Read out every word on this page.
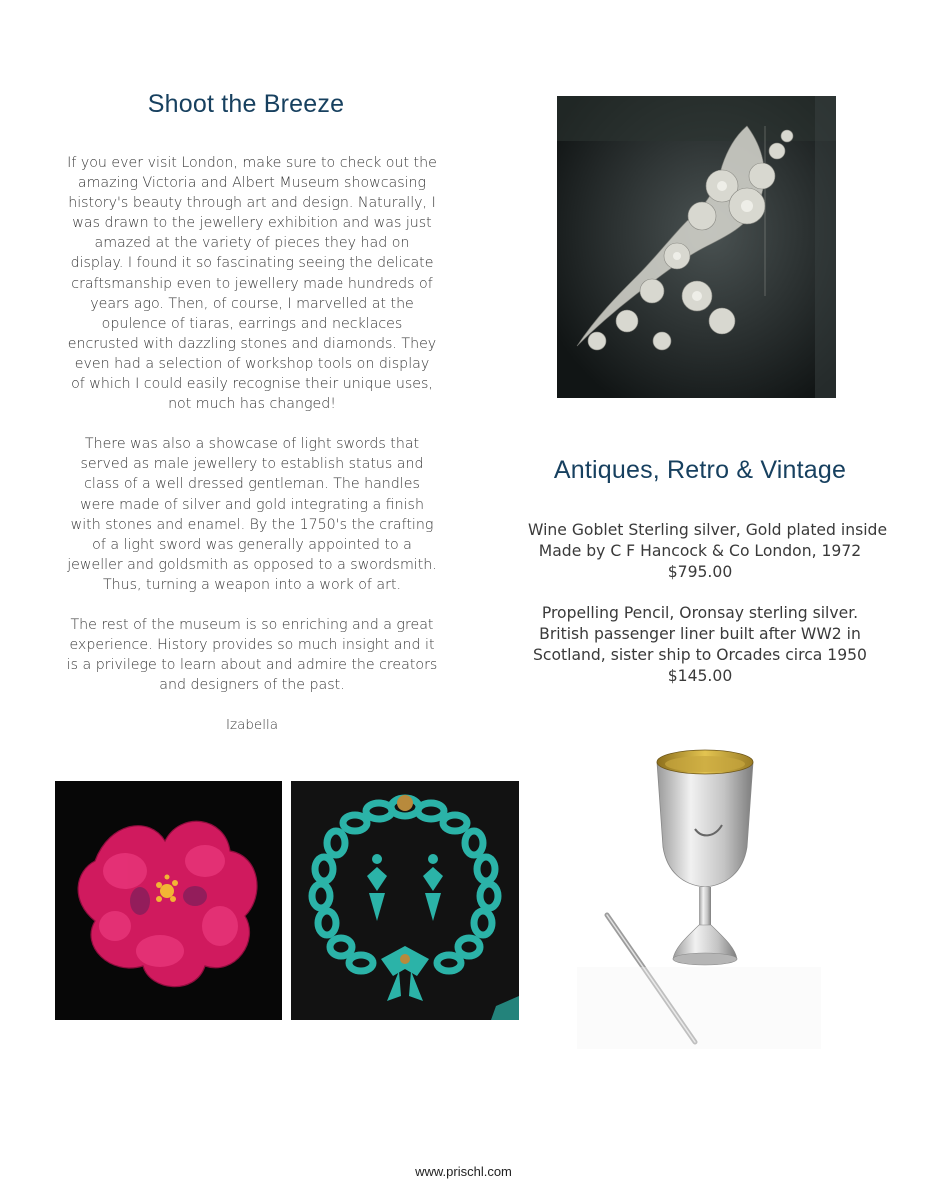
Shoot the Breeze

If you ever visit London, make sure to check out the amazing Victoria and Albert Museum showcasing history's beauty through art and design. Naturally, I was drawn to the jewellery exhibition and was just amazed at the variety of pieces they had on display. I found it so fascinating seeing the delicate craftsmanship even to jewellery made hundreds of years ago. Then, of course, I marvelled at the opulence of tiaras, earrings and necklaces encrusted with dazzling stones and diamonds. They even had a selection of workshop tools on display of which I could easily recognise their unique uses, not much has changed!

There was also a showcase of light swords that served as male jewellery to establish status and class of a well dressed gentleman. The handles were made of silver and gold integrating a finish with stones and enamel. By the 1750's the crafting of a light sword was generally appointed to a jeweller and goldsmith as opposed to a swordsmith. Thus, turning a weapon into a work of art.

The rest of the museum is so enriching and a great experience. History provides so much insight and it is a privilege to learn about and admire the creators and designers of the past.

Izabella
Antiques, Retro & Vintage
Wine Goblet Sterling silver, Gold plated inside
Made by C F Hancock & Co London, 1972
$795.00
Propelling Pencil, Oronsay sterling silver.
British passenger liner built after WW2 in
Scotland, sister ship to Orcades circa 1950
$145.00
www.prischl.com
